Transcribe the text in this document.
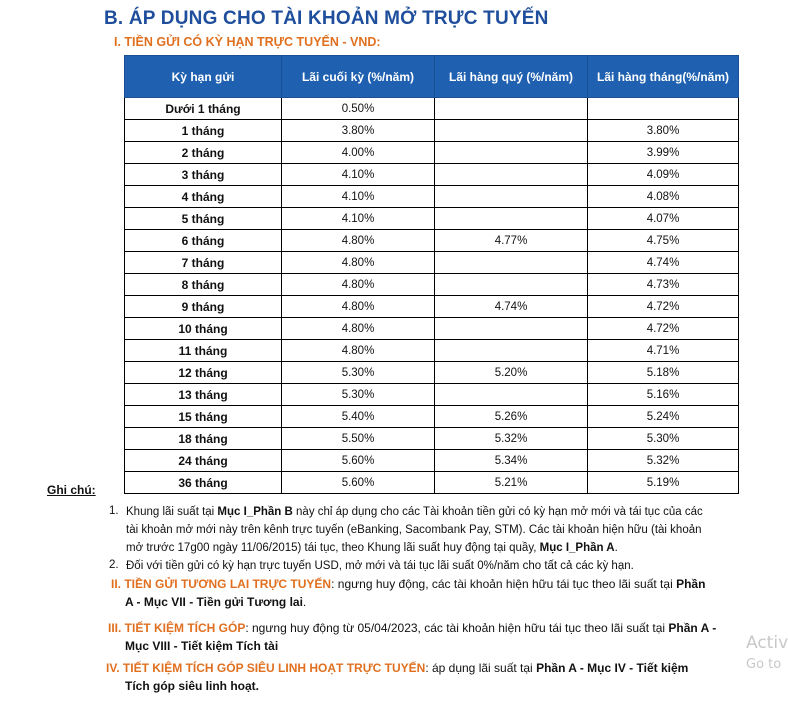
B. ÁP DỤNG CHO TÀI KHOẢN MỞ TRỰC TUYẾN
I. TIỀN GỬI CÓ KỲ HẠN TRỰC TUYẾN - VND:
Kỳ hạn gửi	Lãi cuối kỳ (%/năm)	Lãi hàng quý (%/năm)	Lãi hàng tháng(%/năm)
Dưới 1 tháng	0.50%		
1 tháng	3.80%		3.80%
2 tháng	4.00%		3.99%
3 tháng	4.10%		4.09%
4 tháng	4.10%		4.08%
5 tháng	4.10%		4.07%
6 tháng	4.80%	4.77%	4.75%
7 tháng	4.80%		4.74%
8 tháng	4.80%		4.73%
9 tháng	4.80%	4.74%	4.72%
10 tháng	4.80%		4.72%
11 tháng	4.80%		4.71%
12 tháng	5.30%	5.20%	5.18%
13 tháng	5.30%		5.16%
15 tháng	5.40%	5.26%	5.24%
18 tháng	5.50%	5.32%	5.30%
24 tháng	5.60%	5.34%	5.32%
36 tháng	5.60%	5.21%	5.19%
Ghi chú:
1. Khung lãi suất tại Mục I_Phần B này chỉ áp dụng cho các Tài khoản tiền gửi có kỳ hạn mở mới và tái tục của các
tài khoản mở mới này trên kênh trực tuyến (eBanking, Sacombank Pay, STM). Các tài khoản hiện hữu (tài khoản
mở trước 17g00 ngày 11/06/2015) tái tục, theo Khung lãi suất huy động tại quầy, Mục I_Phần A.
2. Đối với tiền gửi có kỳ hạn trực tuyến USD, mở mới và tái tục lãi suất 0%/năm cho tất cả các kỳ hạn.
II. TIỀN GỬI TƯƠNG LAI TRỰC TUYẾN: ngưng huy động, các tài khoản hiện hữu tái tục theo lãi suất tại Phần
A - Mục VII - Tiền gửi Tương lai.
III. TIẾT KIỆM TÍCH GÓP: ngưng huy động từ 05/04/2023, các tài khoản hiện hữu tái tục theo lãi suất tại Phần A -
Mục VIII - Tiết kiệm Tích tài
IV. TIẾT KIỆM TÍCH GÓP SIÊU LINH HOẠT TRỰC TUYẾN: áp dụng lãi suất tại Phần A - Mục IV - Tiết kiệm
Tích góp siêu linh hoạt.
Activ
Go to
